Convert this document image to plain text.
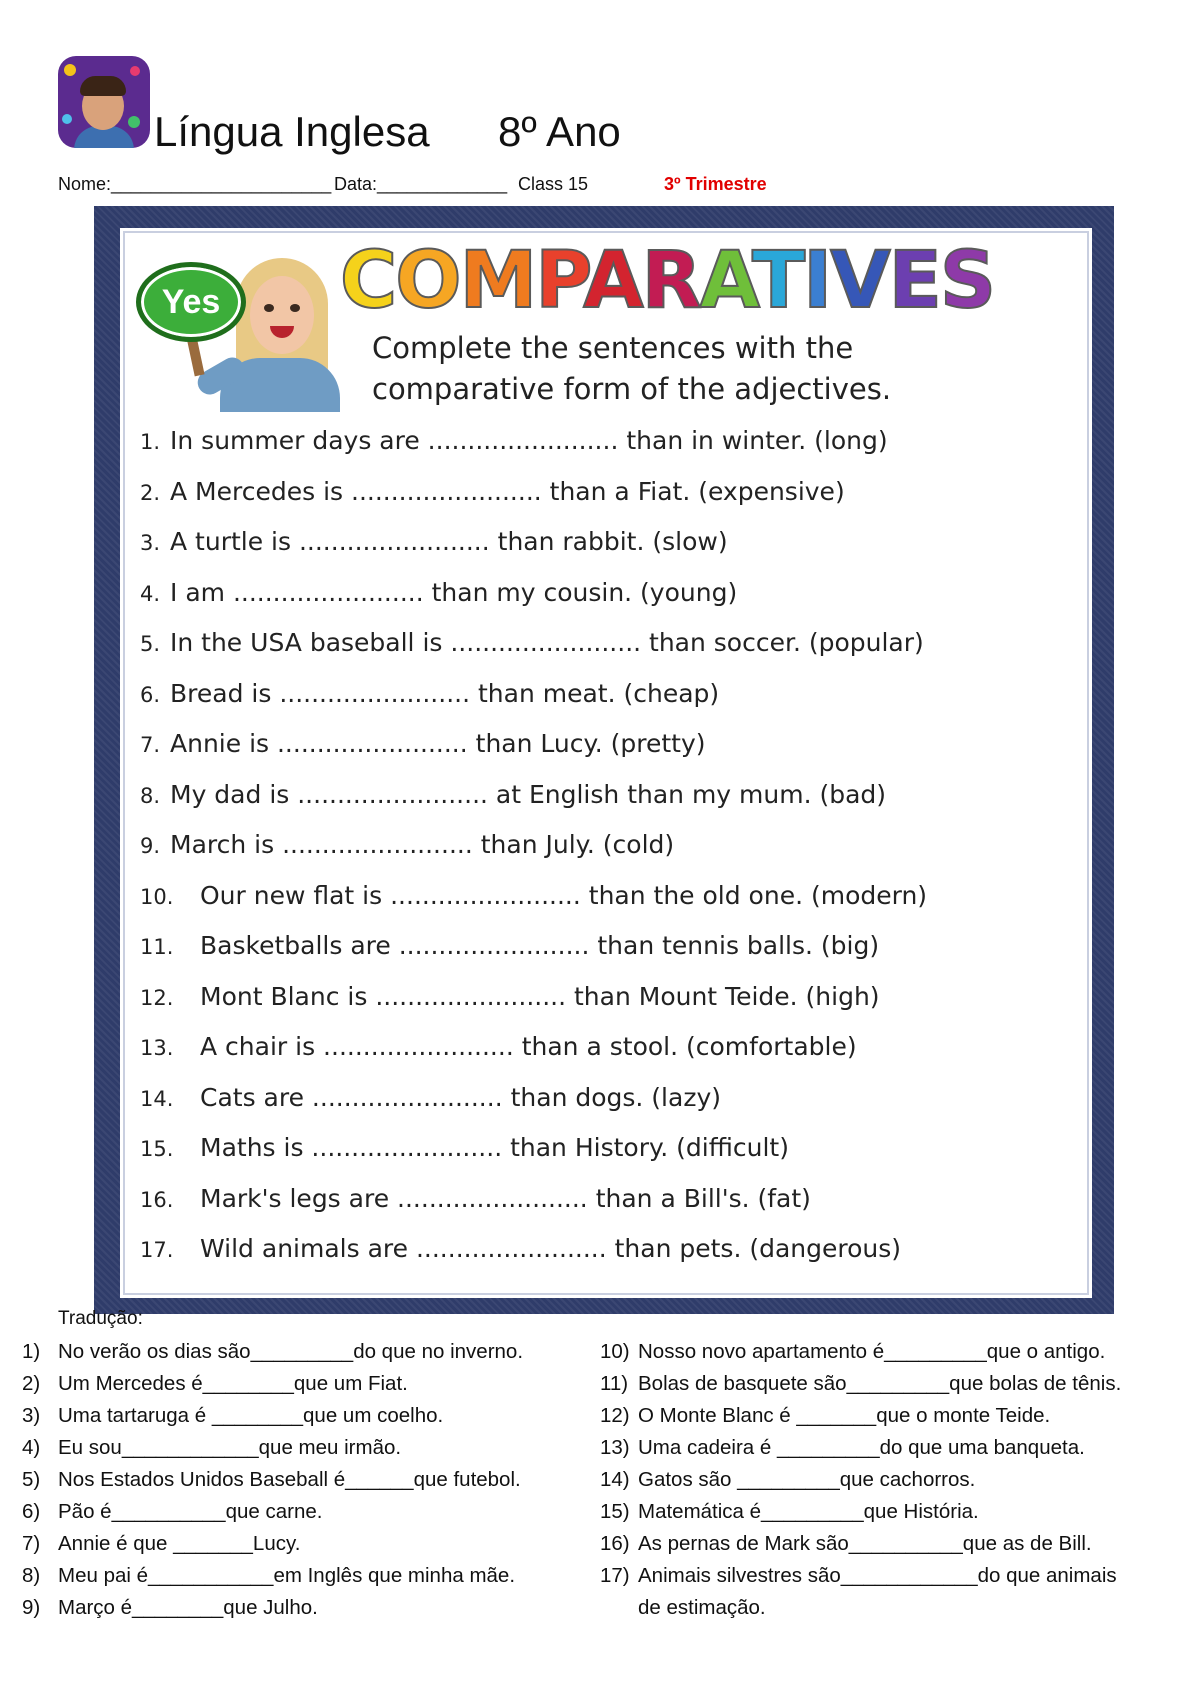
Língua Inglesa 8º Ano
Nome:______________________ Data:_____________ Class 15	3º Trimestre
Yes	COMPARATIVES
Complete the sentences with the
comparative form of the adjectives.
1. In summer days are ........................ than in winter. (long)
2. A Mercedes is ........................ than a Fiat. (expensive)
3. A turtle is ........................ than rabbit. (slow)
4. I am ........................ than my cousin. (young)
5. In the USA baseball is ........................ than soccer. (popular)
6. Bread is ........................ than meat. (cheap)
7. Annie is ........................ than Lucy. (pretty)
8. My dad is ........................ at English than my mum. (bad)
9. March is ........................ than July. (cold)
10. Our new flat is ........................ than the old one. (modern)
11. Basketballs are ........................ than tennis balls. (big)
12. Mont Blanc is ........................ than Mount Teide. (high)
13. A chair is ........................ than a stool. (comfortable)
14. Cats are ........................ than dogs. (lazy)
15. Maths is ........................ than History. (difficult)
16. Mark's legs are ........................ than a Bill's. (fat)
17. Wild animals are ........................ than pets. (dangerous)
Tradução:
1) No verão os dias são_________do que no inverno.
2) Um Mercedes é________que um Fiat.
3) Uma tartaruga é ________que um coelho.
4) Eu sou____________que meu irmão.
5) Nos Estados Unidos Baseball é______que futebol.
6) Pão é__________que carne.
7) Annie é que _______Lucy.
8) Meu pai é___________em Inglês que minha mãe.
9) Março é________que Julho.
10) Nosso novo apartamento é_________que o antigo.
11) Bolas de basquete são_________que bolas de tênis.
12) O Monte Blanc é _______que o monte Teide.
13) Uma cadeira é _________do que uma banqueta.
14) Gatos são _________que cachorros.
15) Matemática é_________que História.
16) As pernas de Mark são__________que as de Bill.
17) Animais silvestres são____________do que animais
de estimação.
